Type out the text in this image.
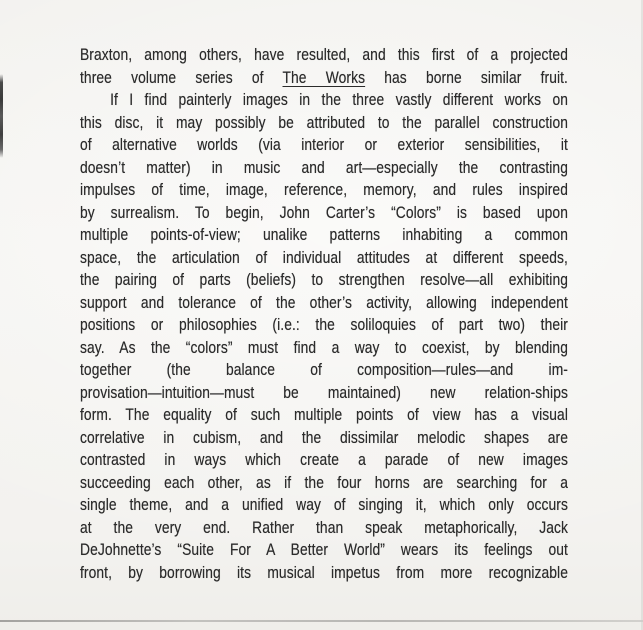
Braxton, among others, have resulted, and this first of a projected
three volume series of The Works has borne similar fruit.
If I find painterly images in the three vastly different works on
this disc, it may possibly be attributed to the parallel construction
of alternative worlds (via interior or exterior sensibilities, it
doesn’t matter) in music and art—especially the contrasting
impulses of time, image, reference, memory, and rules inspired
by surrealism. To begin, John Carter’s “Colors” is based upon
multiple points-of-view; unalike patterns inhabiting a common
space, the articulation of individual attitudes at different speeds,
the pairing of parts (beliefs) to strengthen resolve—all exhibiting
support and tolerance of the other’s activity, allowing independent
positions or philosophies (i.e.: the soliloquies of part two) their
say. As the “colors” must find a way to coexist, by blending
together (the balance of composition—rules—and im-
provisation—intuition—must be maintained) new relation-ships
form. The equality of such multiple points of view has a visual
correlative in cubism, and the dissimilar melodic shapes are
contrasted in ways which create a parade of new images
succeeding each other, as if the four horns are searching for a
single theme, and a unified way of singing it, which only occurs
at the very end. Rather than speak metaphorically, Jack
DeJohnette’s “Suite For A Better World” wears its feelings out
front, by borrowing its musical impetus from more recognizable
